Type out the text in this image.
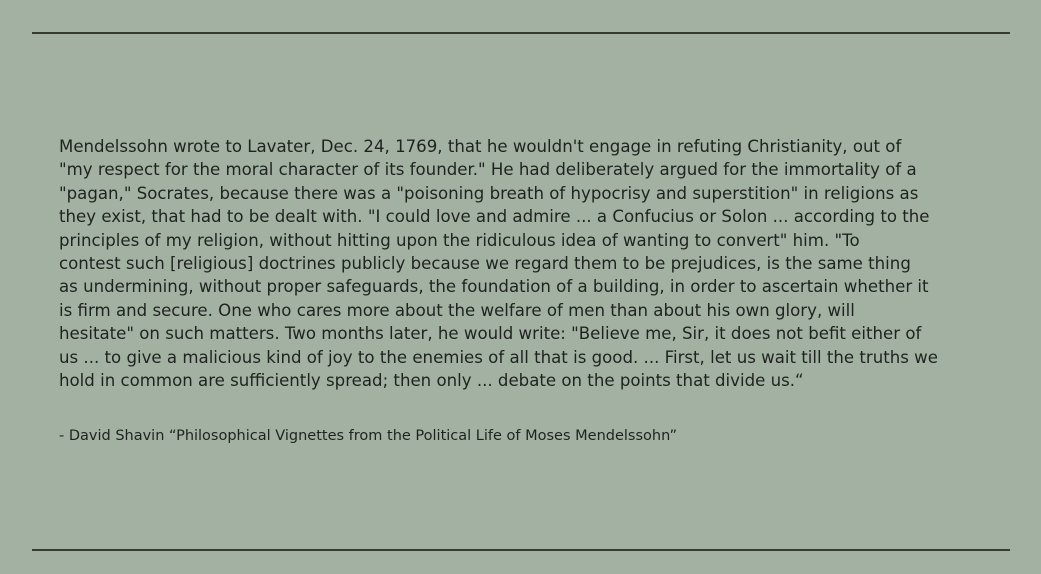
Mendelssohn wrote to Lavater, Dec. 24, 1769, that he wouldn't engage in refuting Christianity, out of
"my respect for the moral character of its founder." He had deliberately argued for the immortality of a
"pagan," Socrates, because there was a "poisoning breath of hypocrisy and superstition" in religions as
they exist, that had to be dealt with. "I could love and admire ... a Confucius or Solon ... according to the
principles of my religion, without hitting upon the ridiculous idea of wanting to convert" him. "To
contest such [religious] doctrines publicly because we regard them to be prejudices, is the same thing
as undermining, without proper safeguards, the foundation of a building, in order to ascertain whether it
is firm and secure. One who cares more about the welfare of men than about his own glory, will
hesitate" on such matters. Two months later, he would write: "Believe me, Sir, it does not befit either of
us ... to give a malicious kind of joy to the enemies of all that is good. ... First, let us wait till the truths we
hold in common are sufficiently spread; then only ... debate on the points that divide us.“
- David Shavin “Philosophical Vignettes from the Political Life of Moses Mendelssohn”
